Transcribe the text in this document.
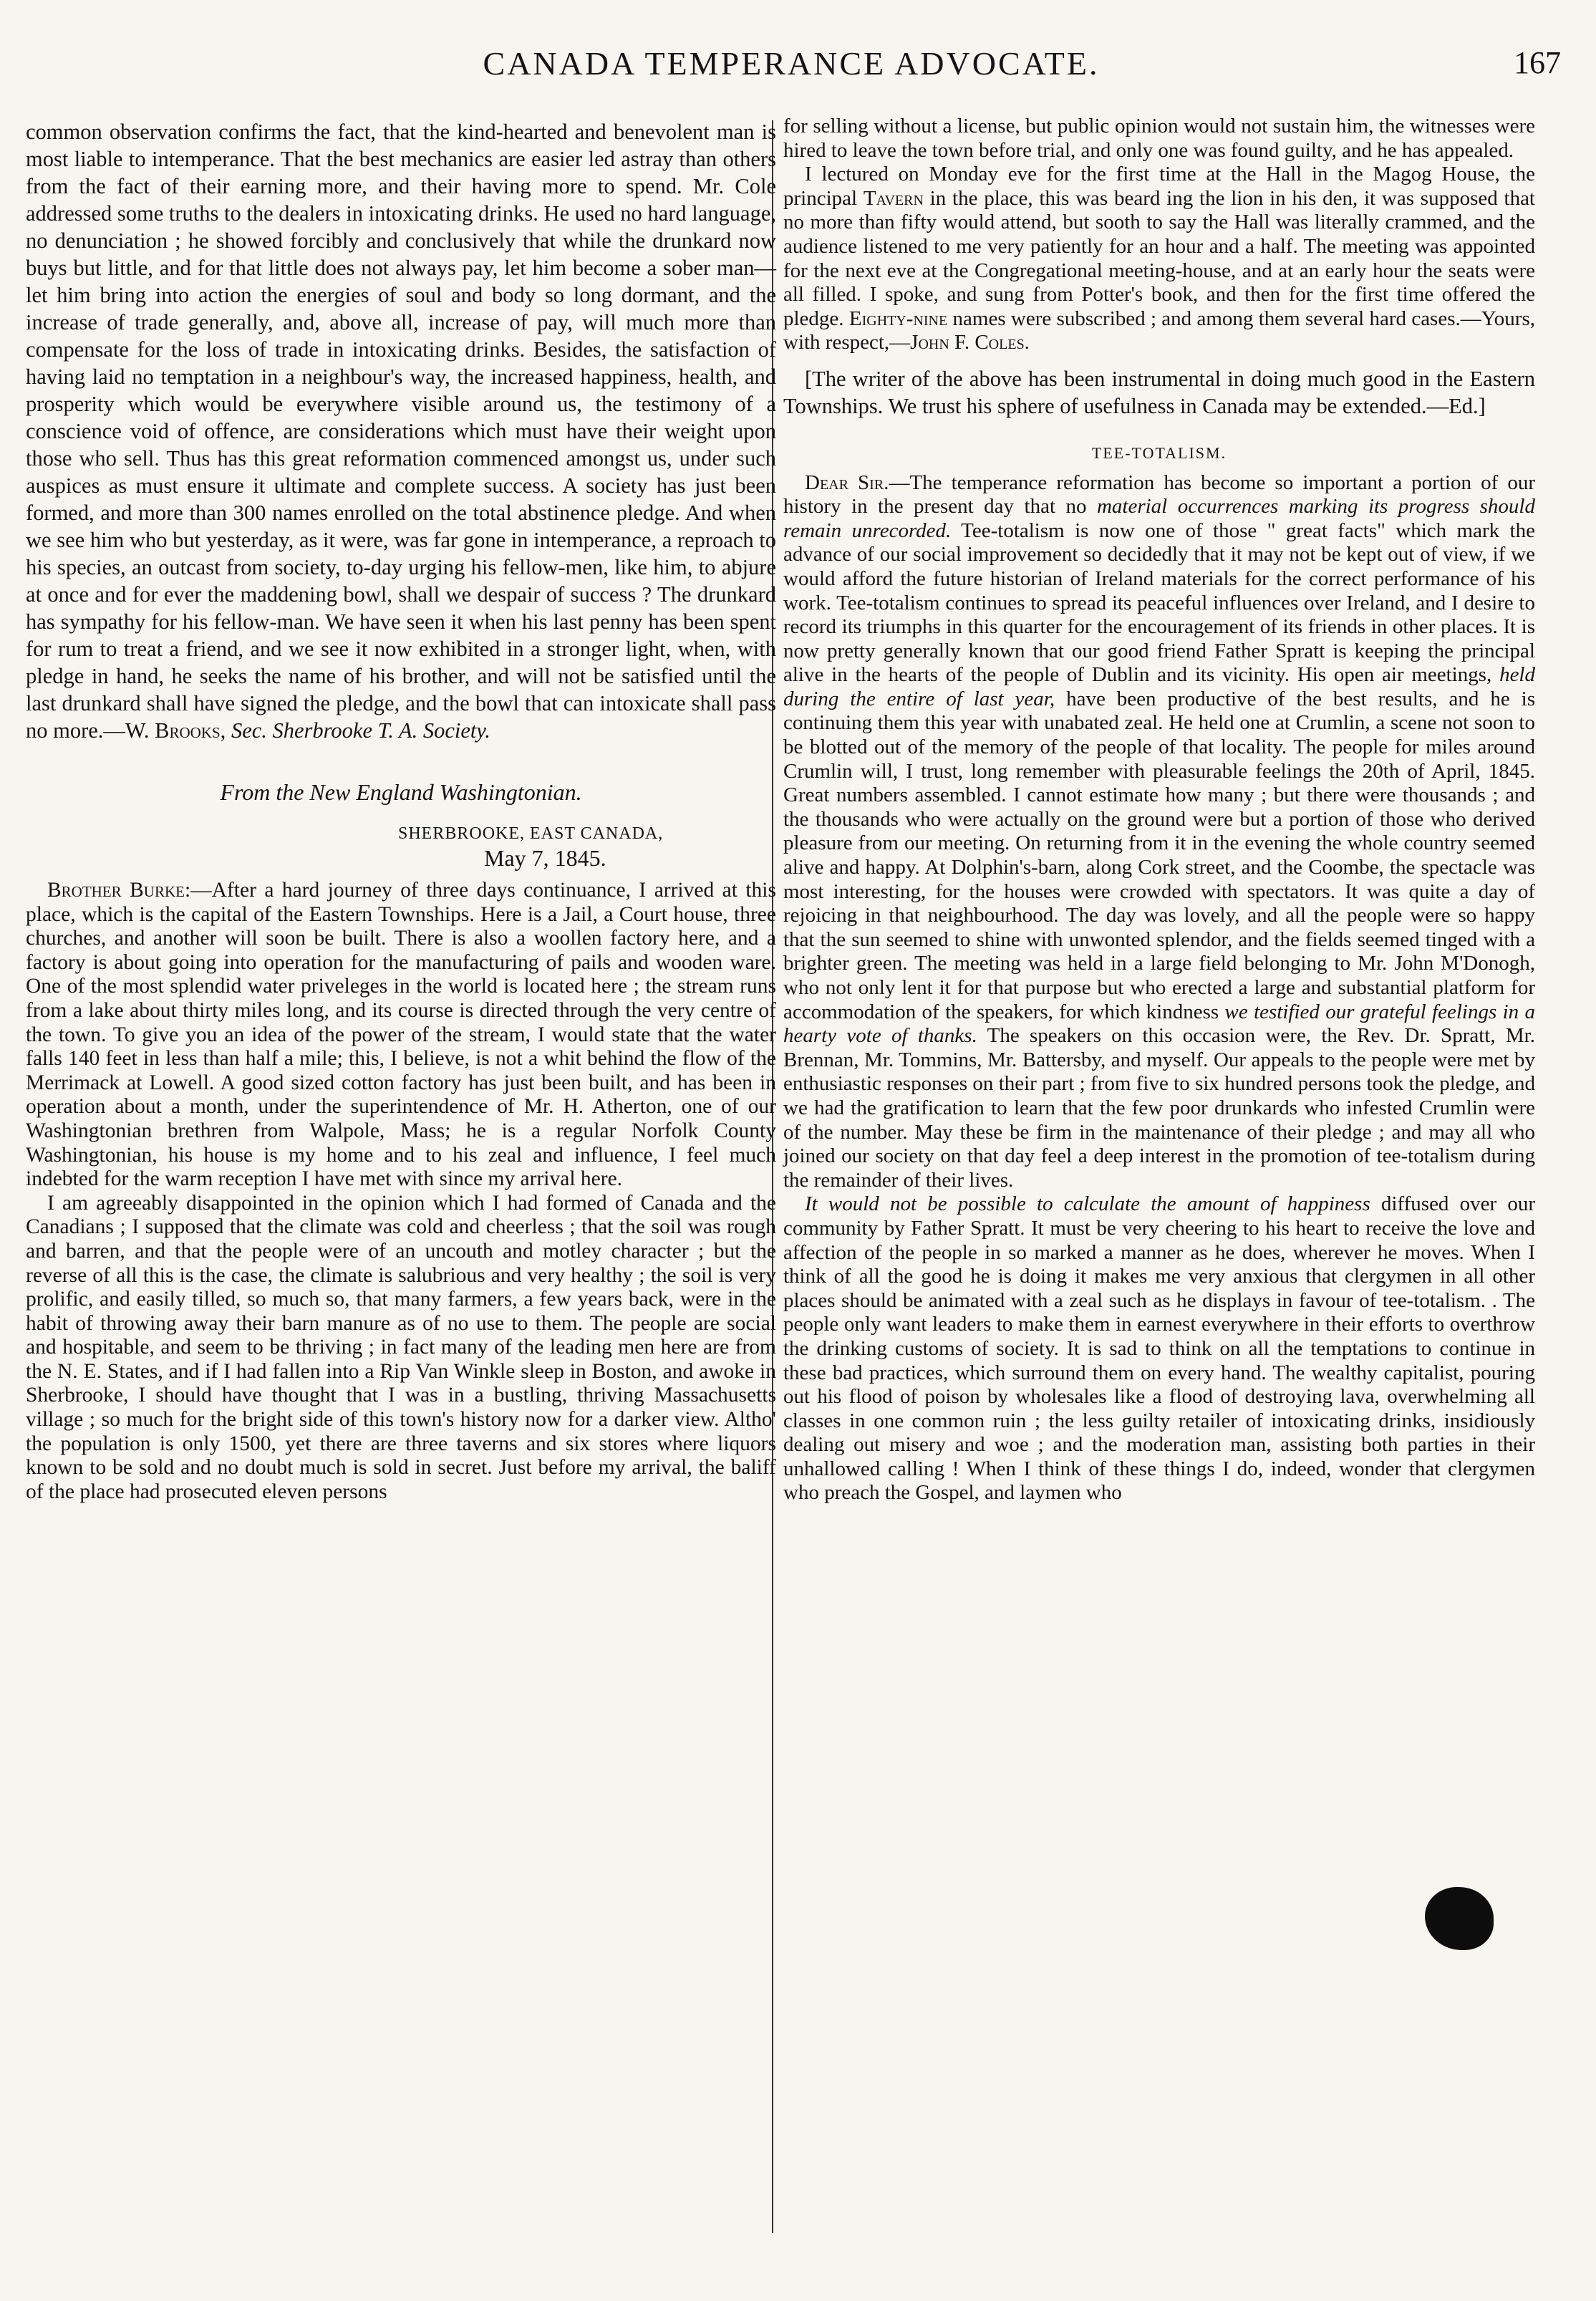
CANADA TEMPERANCE ADVOCATE.	167

common observation confirms the fact, that the kind-hearted and benevolent man is most liable to intemperance. That the best mechanics are easier led astray than others from the fact of their earning more, and their having more to spend. Mr. Cole addressed some truths to the dealers in intoxicating drinks. He used no hard language, no denunciation ; he showed forcibly and conclusively that while the drunkard now buys but little, and for that little does not always pay, let him become a sober man—let him bring into action the energies of soul and body so long dormant, and the increase of trade generally, and, above all, increase of pay, will much more than compensate for the loss of trade in intoxicating drinks. Besides, the satisfaction of having laid no temptation in a neighbour's way, the increased happiness, health, and prosperity which would be everywhere visible around us, the testimony of a conscience void of offence, are considerations which must have their weight upon those who sell. Thus has this great reformation commenced amongst us, under such auspices as must ensure it ultimate and complete success. A society has just been formed, and more than 300 names enrolled on the total abstinence pledge. And when we see him who but yesterday, as it were, was far gone in intemperance, a reproach to his species, an outcast from society, to-day urging his fellow-men, like him, to abjure at once and for ever the maddening bowl, shall we despair of success ? The drunkard has sympathy for his fellow-man. We have seen it when his last penny has been spent for rum to treat a friend, and we see it now exhibited in a stronger light, when, with pledge in hand, he seeks the name of his brother, and will not be satisfied until the last drunkard shall have signed the pledge, and the bowl that can intoxicate shall pass no more.—W. Brooks, Sec. Sherbrooke T. A. Society.

From the New England Washingtonian.

SHERBROOKE, EAST CANADA,
May 7, 1845.

Brother Burke:—After a hard journey of three days continuance, I arrived at this place, which is the capital of the Eastern Townships. Here is a Jail, a Court house, three churches, and another will soon be built. There is also a woollen factory here, and a factory is about going into operation for the manufacturing of pails and wooden ware. One of the most splendid water priveleges in the world is located here ; the stream runs from a lake about thirty miles long, and its course is directed through the very centre of the town. To give you an idea of the power of the stream, I would state that the water falls 140 feet in less than half a mile; this, I believe, is not a whit behind the flow of the Merrimack at Lowell. A good sized cotton factory has just been built, and has been in operation about a month, under the superintendence of Mr. H. Atherton, one of our Washingtonian brethren from Walpole, Mass; he is a regular Norfolk County Washingtonian, his house is my home and to his zeal and influence, I feel much indebted for the warm reception I have met with since my arrival here.

I am agreeably disappointed in the opinion which I had formed of Canada and the Canadians ; I supposed that the climate was cold and cheerless ; that the soil was rough and barren, and that the people were of an uncouth and motley character ; but the reverse of all this is the case, the climate is salubrious and very healthy ; the soil is very prolific, and easily tilled, so much so, that many farmers, a few years back, were in the habit of throwing away their barn manure as of no use to them. The people are social and hospitable, and seem to be thriving ; in fact many of the leading men here are from the N. E. States, and if I had fallen into a Rip Van Winkle sleep in Boston, and awoke in Sherbrooke, I should have thought that I was in a bustling, thriving Massachusetts village ; so much for the bright side of this town's history now for a darker view. Altho' the population is only 1500, yet there are three taverns and six stores where liquors known to be sold and no doubt much is sold in secret. Just before my arrival, the baliff of the place had prosecuted eleven persons

for selling without a license, but public opinion would not sustain him, the witnesses were hired to leave the town before trial, and only one was found guilty, and he has appealed.

I lectured on Monday eve for the first time at the Hall in the Magog House, the principal Tavern in the place, this was beard ing the lion in his den, it was supposed that no more than fifty would attend, but sooth to say the Hall was literally crammed, and the audience listened to me very patiently for an hour and a half. The meeting was appointed for the next eve at the Congregational meeting-house, and at an early hour the seats were all filled. I spoke, and sung from Potter's book, and then for the first time offered the pledge. Eighty-nine names were subscribed ; and among them several hard cases.—Yours, with respect,—John F. Coles.

[The writer of the above has been instrumental in doing much good in the Eastern Townships. We trust his sphere of usefulness in Canada may be extended.—Ed.]

TEE-TOTALISM.

Dear Sir.—The temperance reformation has become so important a portion of our history in the present day that no material occurrences marking its progress should remain unrecorded. Tee-totalism is now one of those " great facts" which mark the advance of our social improvement so decidedly that it may not be kept out of view, if we would afford the future historian of Ireland materials for the correct performance of his work. Tee-totalism continues to spread its peaceful influences over Ireland, and I desire to record its triumphs in this quarter for the encouragement of its friends in other places. It is now pretty generally known that our good friend Father Spratt is keeping the principal alive in the hearts of the people of Dublin and its vicinity. His open air meetings, held during the entire of last year, have been productive of the best results, and he is continuing them this year with unabated zeal. He held one at Crumlin, a scene not soon to be blotted out of the memory of the people of that locality. The people for miles around Crumlin will, I trust, long remember with pleasurable feelings the 20th of April, 1845. Great numbers assembled. I cannot estimate how many ; but there were thousands ; and the thousands who were actually on the ground were but a portion of those who derived pleasure from our meeting. On returning from it in the evening the whole country seemed alive and happy. At Dolphin's-barn, along Cork street, and the Coombe, the spectacle was most interesting, for the houses were crowded with spectators. It was quite a day of rejoicing in that neighbourhood. The day was lovely, and all the people were so happy that the sun seemed to shine with unwonted splendor, and the fields seemed tinged with a brighter green. The meeting was held in a large field belonging to Mr. John M'Donogh, who not only lent it for that purpose but who erected a large and substantial platform for accommodation of the speakers, for which kindness we testified our grateful feelings in a hearty vote of thanks. The speakers on this occasion were, the Rev. Dr. Spratt, Mr. Brennan, Mr. Tommins, Mr. Battersby, and myself. Our appeals to the people were met by enthusiastic responses on their part ; from five to six hundred persons took the pledge, and we had the gratification to learn that the few poor drunkards who infested Crumlin were of the number. May these be firm in the maintenance of their pledge ; and may all who joined our society on that day feel a deep interest in the promotion of tee-totalism during the remainder of their lives.

It would not be possible to calculate the amount of happiness diffused over our community by Father Spratt. It must be very cheering to his heart to receive the love and affection of the people in so marked a manner as he does, wherever he moves. When I think of all the good he is doing it makes me very anxious that clergymen in all other places should be animated with a zeal such as he displays in favour of tee-totalism. . The people only want leaders to make them in earnest everywhere in their efforts to overthrow the drinking customs of society. It is sad to think on all the temptations to continue in these bad practices, which surround them on every hand. The wealthy capitalist, pouring out his flood of poison by wholesales like a flood of destroying lava, overwhelming all classes in one common ruin ; the less guilty retailer of intoxicating drinks, insidiously dealing out misery and woe ; and the moderation man, assisting both parties in their unhallowed calling ! When I think of these things I do, indeed, wonder that clergymen who preach the Gospel, and laymen who
